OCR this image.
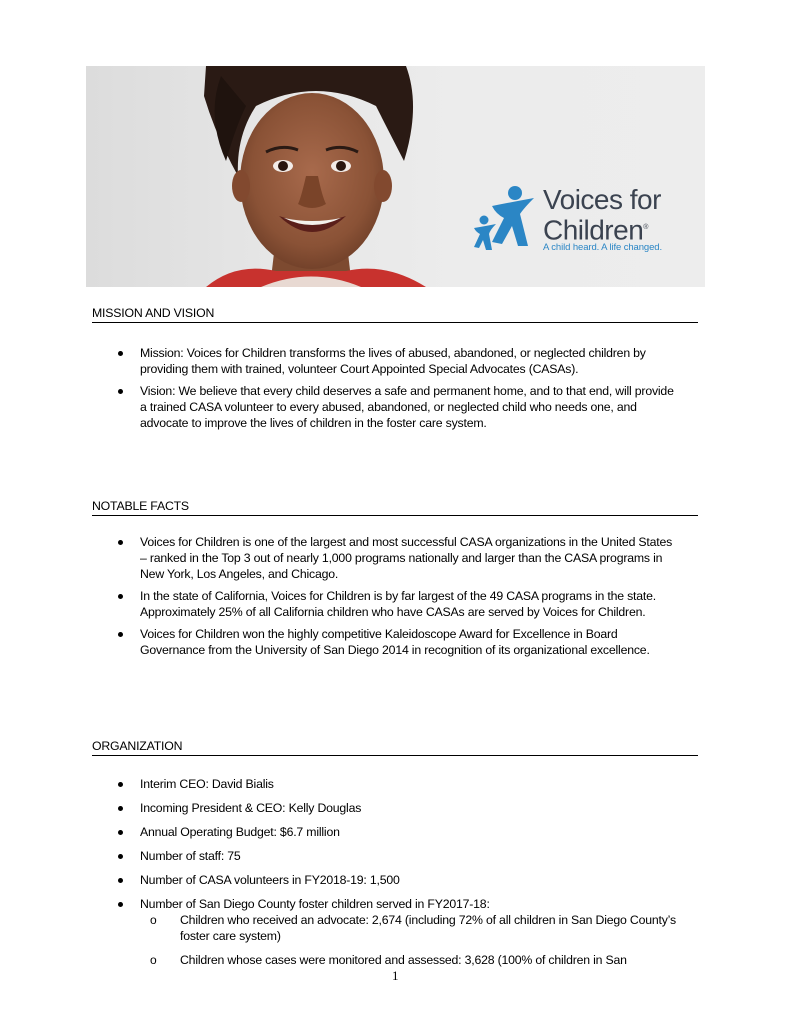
Voices for
Children®
A child heard. A life changed.
MISSION AND VISION
Mission: Voices for Children transforms the lives of abused, abandoned, or neglected children by providing them with trained, volunteer Court Appointed Special Advocates (CASAs).
Vision: We believe that every child deserves a safe and permanent home, and to that end, will provide a trained CASA volunteer to every abused, abandoned, or neglected child who needs one, and advocate to improve the lives of children in the foster care system.
NOTABLE FACTS
Voices for Children is one of the largest and most successful CASA organizations in the United States – ranked in the Top 3 out of nearly 1,000 programs nationally and larger than the CASA programs in New York, Los Angeles, and Chicago.
In the state of California, Voices for Children is by far largest of the 49 CASA programs in the state. Approximately 25% of all California children who have CASAs are served by Voices for Children.
Voices for Children won the highly competitive Kaleidoscope Award for Excellence in Board Governance from the University of San Diego 2014 in recognition of its organizational excellence.
ORGANIZATION
Interim CEO: David Bialis
Incoming President & CEO: Kelly Douglas
Annual Operating Budget: $6.7 million
Number of staff: 75
Number of CASA volunteers in FY2018-19: 1,500
Number of San Diego County foster children served in FY2017-18:
o Children who received an advocate: 2,674 (including 72% of all children in San Diego County’s foster care system)
o Children whose cases were monitored and assessed: 3,628 (100% of children in San
1
